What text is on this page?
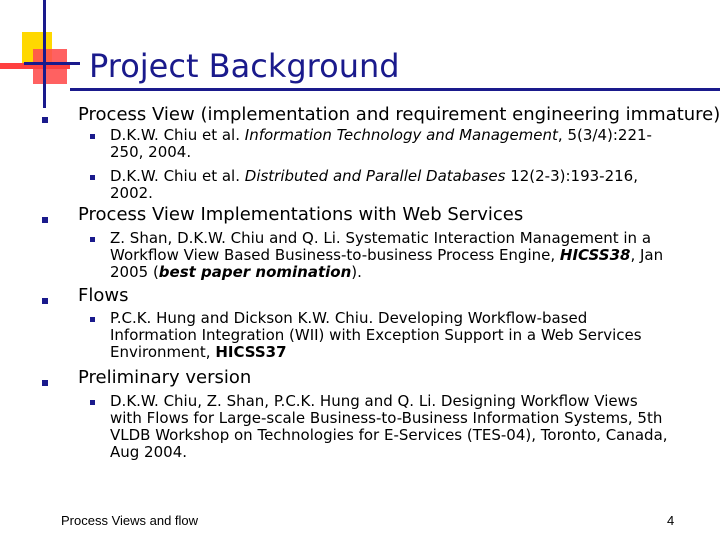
Project Background
Process View (implementation and requirement engineering immature)
D.K.W. Chiu et al. Information Technology and Management, 5(3/4):221-
250, 2004.
D.K.W. Chiu et al. Distributed and Parallel Databases 12(2-3):193-216,
2002.
Process View Implementations with Web Services
Z. Shan, D.K.W. Chiu and Q. Li. Systematic Interaction Management in a
Workflow View Based Business-to-business Process Engine, HICSS38, Jan
2005 (best paper nomination).
Flows
P.C.K. Hung and Dickson K.W. Chiu. Developing Workflow-based
Information Integration (WII) with Exception Support in a Web Services
Environment, HICSS37
Preliminary version
D.K.W. Chiu, Z. Shan, P.C.K. Hung and Q. Li. Designing Workflow Views
with Flows for Large-scale Business-to-Business Information Systems, 5th
VLDB Workshop on Technologies for E-Services (TES-04), Toronto, Canada,
Aug 2004.
Process Views and flow	4
